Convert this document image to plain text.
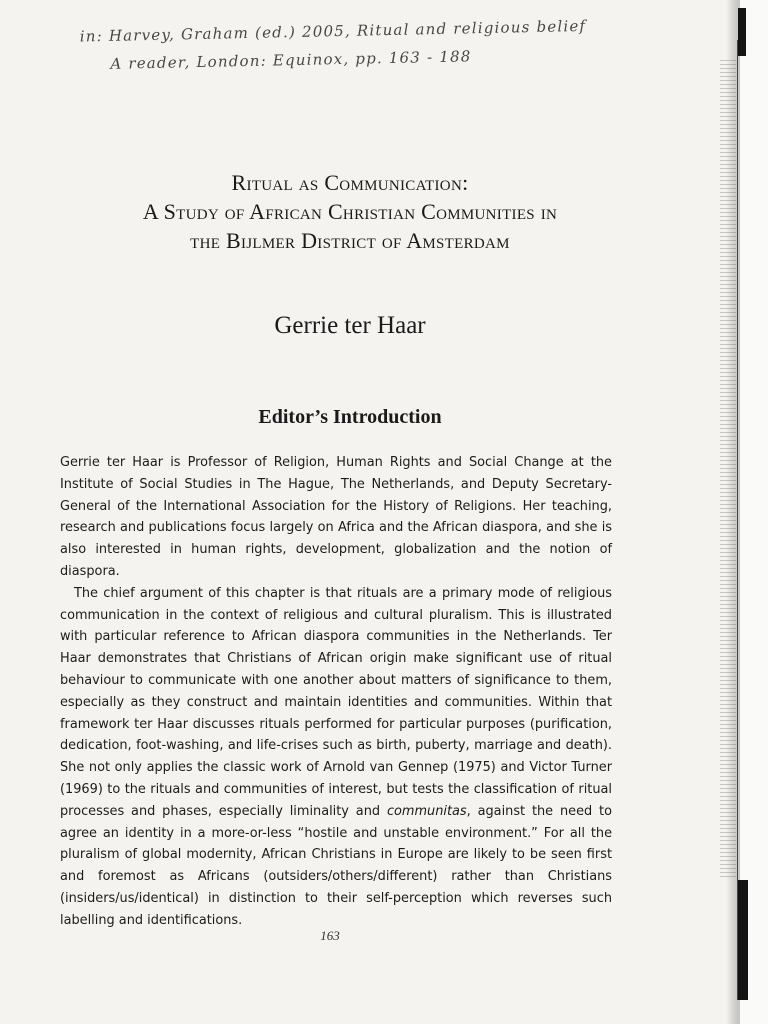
in: Harvey, Graham (ed.) 2005, Ritual and religious belief
A reader, London: Equinox, pp. 163 - 188
Ritual as Communication:
A Study of African Christian Communities in
the Bijlmer District of Amsterdam
Gerrie ter Haar
Editor’s Introduction

Gerrie ter Haar is Professor of Religion, Human Rights and Social Change at the Institute of Social Studies in The Hague, The Netherlands, and Deputy Secretary-General of the International Association for the History of Religions. Her teaching, research and publications focus largely on Africa and the African diaspora, and she is also interested in human rights, development, globalization and the notion of diaspora.

The chief argument of this chapter is that rituals are a primary mode of religious communication in the context of religious and cultural pluralism. This is illustrated with particular reference to African diaspora communities in the Netherlands. Ter Haar demonstrates that Christians of African origin make significant use of ritual behaviour to communicate with one another about matters of significance to them, especially as they construct and maintain identities and communities. Within that framework ter Haar discusses rituals performed for particular purposes (purification, dedication, foot-washing, and life-crises such as birth, puberty, marriage and death). She not only applies the classic work of Arnold van Gennep (1975) and Victor Turner (1969) to the rituals and communities of interest, but tests the classification of ritual processes and phases, especially liminality and communitas, against the need to agree an identity in a more-or-less “hostile and unstable environment.” For all the pluralism of global modernity, African Christians in Europe are likely to be seen first and foremost as Africans (outsiders/others/different) rather than Christians (insiders/us/identical) in distinction to their self-perception which reverses such labelling and identifications.

163
